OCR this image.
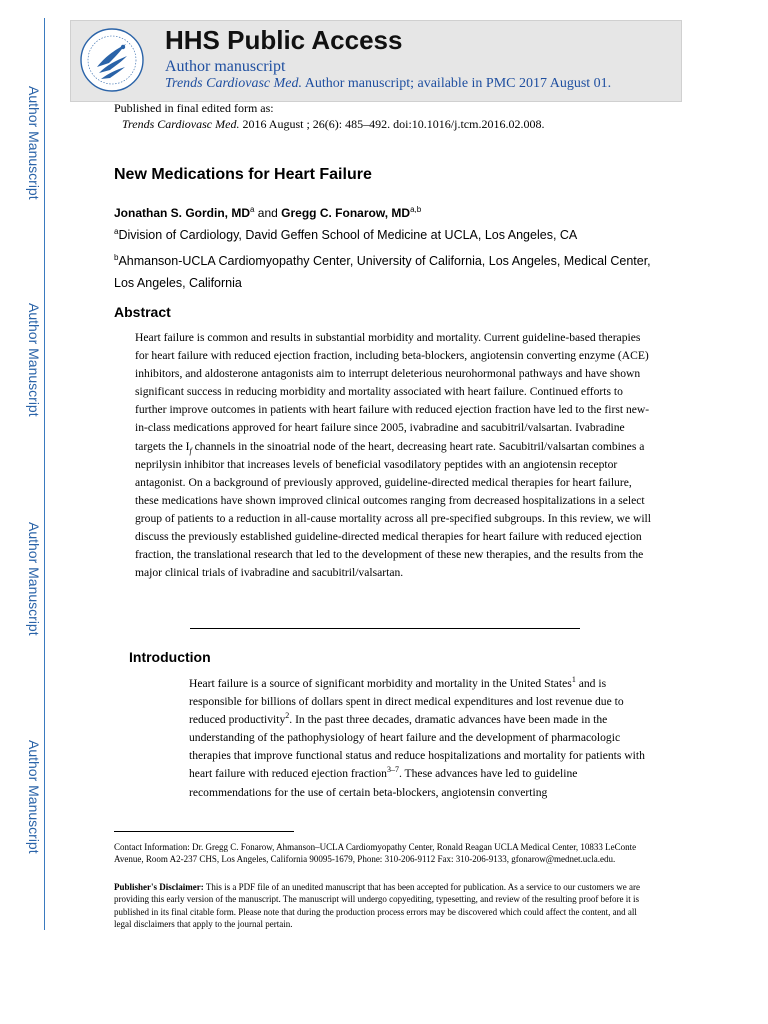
Author Manuscript
Author Manuscript
Author Manuscript
Author Manuscript
HHS Public Access
Author manuscript
Trends Cardiovasc Med. Author manuscript; available in PMC 2017 August 01.
Published in final edited form as:
Trends Cardiovasc Med. 2016 August ; 26(6): 485–492. doi:10.1016/j.tcm.2016.02.008.
New Medications for Heart Failure
Jonathan S. Gordin, $MD^a$ and Gregg C. Fonarow, MD$^{a,b}$
$^a$Division of Cardiology, David Geffen School of Medicine at UCLA, Los Angeles, CA
$^b$Ahmanson-UCLA Cardiomyopathy Center, University of California, Los Angeles, Medical Center, Los Angeles, California
Abstract

Heart failure is common and results in substantial morbidity and mortality. Current guideline-based therapies for heart failure with reduced ejection fraction, including beta-blockers, angiotensin converting enzyme (ACE) inhibitors, and aldosterone antagonists aim to interrupt deleterious neurohormonal pathways and have shown significant success in reducing morbidity and mortality associated with heart failure. Continued efforts to further improve outcomes in patients with heart failure with reduced ejection fraction have led to the first new-in-class medications approved for heart failure since 2005, ivabradine and sacubitril/valsartan. Ivabradine targets the $I_f$ channels in the sinoatrial node of the heart, decreasing heart rate. Sacubitril/valsartan combines a neprilysin inhibitor that increases levels of beneficial vasodilatory peptides with an angiotensin receptor antagonist. On a background of previously approved, guideline-directed medical therapies for heart failure, these medications have shown improved clinical outcomes ranging from decreased hospitalizations in a select group of patients to a reduction in all-cause mortality across all pre-specified subgroups. In this review, we will discuss the previously established guideline-directed medical therapies for heart failure with reduced ejection fraction, the translational research that led to the development of these new therapies, and the results from the major clinical trials of ivabradine and sacubitril/valsartan.

Introduction

Heart failure is a source of significant morbidity and mortality in the United States$^1$ and is responsible for billions of dollars spent in direct medical expenditures and lost revenue due to reduced productivity$^2$. In the past three decades, dramatic advances have been made in the understanding of the pathophysiology of heart failure and the development of pharmacologic therapies that improve functional status and reduce hospitalizations and mortality for patients with heart failure with reduced ejection fraction$^{3-7}$. These advances have led to guideline recommendations for the use of certain beta-blockers, angiotensin converting

Contact Information: Dr. Gregg C. Fonarow, Ahmanson–UCLA Cardiomyopathy Center, Ronald Reagan UCLA Medical Center, 10833 LeConte Avenue, Room A2-237 CHS, Los Angeles, California 90095-1679, Phone: 310-206-9112 Fax: 310-206-9133, gfonarow@mednet.ucla.edu.

Publisher's Disclaimer: This is a PDF file of an unedited manuscript that has been accepted for publication. As a service to our customers we are providing this early version of the manuscript. The manuscript will undergo copyediting, typesetting, and review of the resulting proof before it is published in its final citable form. Please note that during the production process errors may be discovered which could affect the content, and all legal disclaimers that apply to the journal pertain.
